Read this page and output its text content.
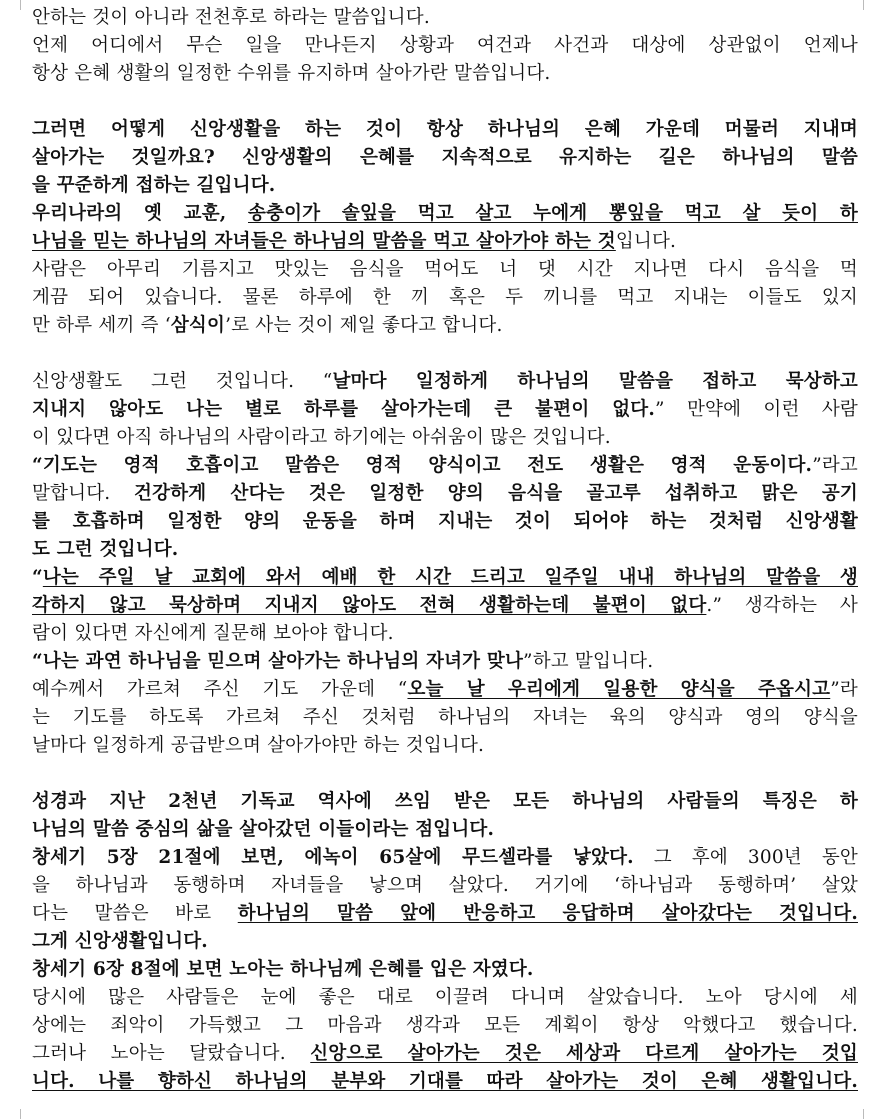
안하는 것이 아니라 전천후로 하라는 말씀입니다.
언제 어디에서 무슨 일을 만나든지 상황과 여건과 사건과 대상에 상관없이 언제나
항상 은혜 생활의 일정한 수위를 유지하며 살아가란 말씀입니다.
그러면 어떻게 신앙생활을 하는 것이 항상 하나님의 은혜 가운데 머물러 지내며
살아가는 것일까요? 신앙생활의 은혜를 지속적으로 유지하는 길은 하나님의 말씀
을 꾸준하게 접하는 길입니다.
우리나라의 옛 교훈, 송충이가 솔잎을 먹고 살고 누에게 뽕잎을 먹고 살 듯이 하
나님을 믿는 하나님의 자녀들은 하나님의 말씀을 먹고 살아가야 하는 것입니다.
사람은 아무리 기름지고 맛있는 음식을 먹어도 너 댓 시간 지나면 다시 음식을 먹
게끔 되어 있습니다. 물론 하루에 한 끼 혹은 두 끼니를 먹고 지내는 이들도 있지
만 하루 세끼 즉 ‘삼식이’로 사는 것이 제일 좋다고 합니다.
신앙생활도 그런 것입니다. “날마다 일정하게 하나님의 말씀을 접하고 묵상하고
지내지 않아도 나는 별로 하루를 살아가는데 큰 불편이 없다.” 만약에 이런 사람
이 있다면 아직 하나님의 사람이라고 하기에는 아쉬움이 많은 것입니다.
“기도는 영적 호흡이고 말씀은 영적 양식이고 전도 생활은 영적 운동이다.”라고
말합니다. 건강하게 산다는 것은 일정한 양의 음식을 골고루 섭취하고 맑은 공기
를 호흡하며 일정한 양의 운동을 하며 지내는 것이 되어야 하는 것처럼 신앙생활
도 그런 것입니다.
“나는 주일 날 교회에 와서 예배 한 시간 드리고 일주일 내내 하나님의 말씀을 생
각하지 않고 묵상하며 지내지 않아도 전혀 생활하는데 불편이 없다.” 생각하는 사
람이 있다면 자신에게 질문해 보아야 합니다.
“나는 과연 하나님을 믿으며 살아가는 하나님의 자녀가 맞나”하고 말입니다.
예수께서 가르쳐 주신 기도 가운데 “오늘 날 우리에게 일용한 양식을 주옵시고”라
는 기도를 하도록 가르쳐 주신 것처럼 하나님의 자녀는 육의 양식과 영의 양식을
날마다 일정하게 공급받으며 살아가야만 하는 것입니다.
성경과 지난 2천년 기독교 역사에 쓰임 받은 모든 하나님의 사람들의 특징은 하
나님의 말씀 중심의 삶을 살아갔던 이들이라는 점입니다.
창세기 5장 21절에 보면, 에녹이 65살에 무드셀라를 낳았다. 그 후에 300년 동안
을 하나님과 동행하며 자녀들을 낳으며 살았다. 거기에 ‘하나님과 동행하며’ 살았
다는 말씀은 바로 하나님의 말씀 앞에 반응하고 응답하며 살아갔다는 것입니다.
그게 신앙생활입니다.
창세기 6장 8절에 보면 노아는 하나님께 은혜를 입은 자였다.
당시에 많은 사람들은 눈에 좋은 대로 이끌려 다니며 살았습니다. 노아 당시에 세
상에는 죄악이 가득했고 그 마음과 생각과 모든 계획이 항상 악했다고 했습니다.
그러나 노아는 달랐습니다. 신앙으로 살아가는 것은 세상과 다르게 살아가는 것입
니다. 나를 향하신 하나님의 분부와 기대를 따라 살아가는 것이 은혜 생활입니다.
